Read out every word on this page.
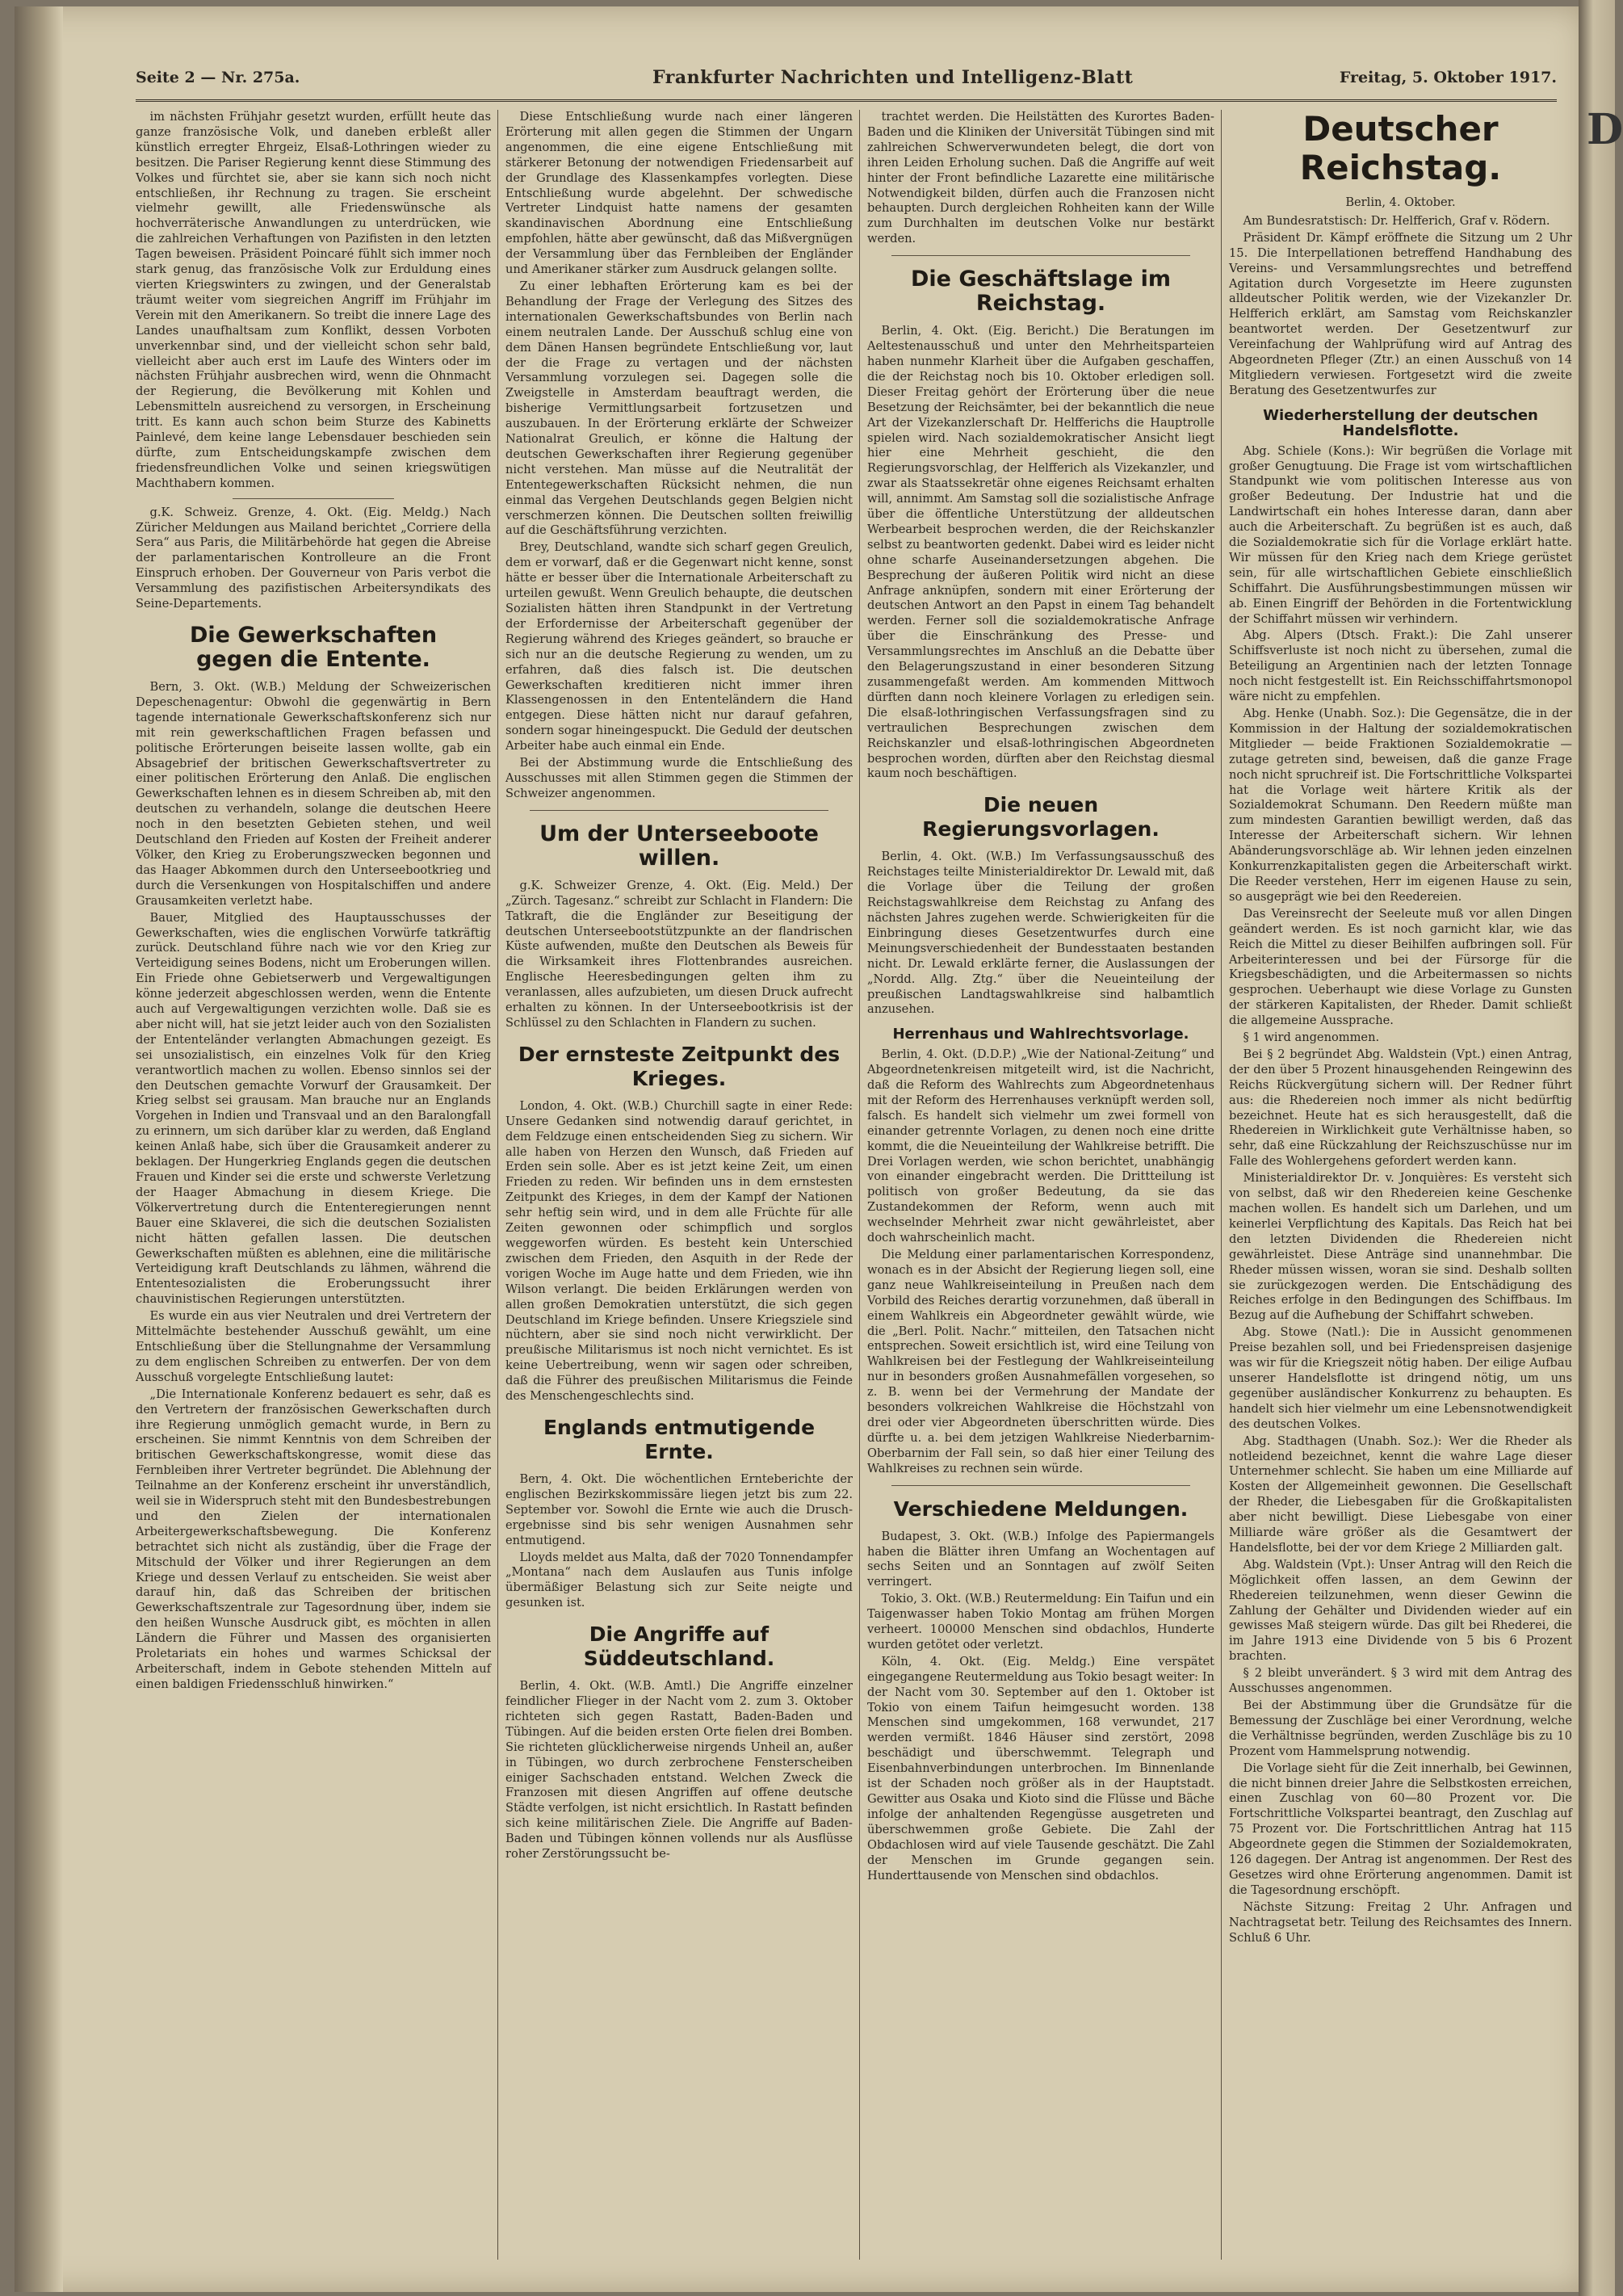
Seite 2 — Nr. 275a.	Frankfurter Nachrichten und Intelligenz-Blatt	Freitag, 5. Oktober 1917.

im nächsten Frühjahr gesetzt wurden, erfüllt heute das ganze französische Volk, und daneben erbleßt aller künstlich erregter Ehrgeiz, Elsaß-Lothringen wieder zu besitzen. Die Pariser Regierung kennt diese Stimmung des Volkes und fürchtet sie, aber sie kann sich noch nicht entschließen, ihr Rechnung zu tragen. Sie erscheint vielmehr gewillt, alle Friedenswünsche als hochverräterische Anwandlungen zu unterdrücken, wie die zahlreichen Verhaftungen von Pazifisten in den letzten Tagen beweisen. Präsident Poincaré fühlt sich immer noch stark genug, das französische Volk zur Erduldung eines vierten Kriegswinters zu zwingen, und der Generalstab träumt weiter vom siegreichen Angriff im Frühjahr im Verein mit den Amerikanern. So treibt die innere Lage des Landes unaufhaltsam zum Konflikt, dessen Vorboten unverkennbar sind, und der vielleicht schon sehr bald, vielleicht aber auch erst im Laufe des Winters oder im nächsten Frühjahr ausbrechen wird, wenn die Ohnmacht der Regierung, die Bevölkerung mit Kohlen und Lebensmitteln ausreichend zu versorgen, in Erscheinung tritt. Es kann auch schon beim Sturze des Kabinetts Painlevé, dem keine lange Lebensdauer beschieden sein dürfte, zum Entscheidungskampfe zwischen dem friedensfreundlichen Volke und seinen kriegswütigen Machthabern kommen.

g.K. Schweiz. Grenze, 4. Okt. (Eig. Meldg.) Nach Züricher Meldungen aus Mailand berichtet „Corriere della Sera“ aus Paris, die Militärbehörde hat gegen die Abreise der parlamentarischen Kontrolleure an die Front Einspruch erhoben. Der Gouverneur von Paris verbot die Versammlung des pazifistischen Arbeitersyndikats des Seine-Departements.

Die Gewerkschaften
gegen die Entente.

Bern, 3. Okt. (W.B.) Meldung der Schweizerischen Depeschenagentur: Obwohl die gegenwärtig in Bern tagende internationale Gewerkschaftskonferenz sich nur mit rein gewerkschaftlichen Fragen befassen und politische Erörterungen beiseite lassen wollte, gab ein Absagebrief der britischen Gewerkschaftsvertreter zu einer politischen Erörterung den Anlaß. Die englischen Gewerkschaften lehnen es in diesem Schreiben ab, mit den deutschen zu verhandeln, solange die deutschen Heere noch in den besetzten Gebieten stehen, und weil Deutschland den Frieden auf Kosten der Freiheit anderer Völker, den Krieg zu Eroberungszwecken begonnen und das Haager Abkommen durch den Unterseebootkrieg und durch die Versenkungen von Hospitalschiffen und andere Grausamkeiten verletzt habe.

Bauer, Mitglied des Hauptausschusses der Gewerkschaften, wies die englischen Vorwürfe tatkräftig zurück. Deutschland führe nach wie vor den Krieg zur Verteidigung seines Bodens, nicht um Eroberungen willen. Ein Friede ohne Gebietserwerb und Vergewaltigungen könne jederzeit abgeschlossen werden, wenn die Entente auch auf Vergewaltigungen verzichten wolle. Daß sie es aber nicht will, hat sie jetzt leider auch von den Sozialisten der Ententeländer verlangten Abmachungen gezeigt. Es sei unsozialistisch, ein einzelnes Volk für den Krieg verantwortlich machen zu wollen. Ebenso sinnlos sei der den Deutschen gemachte Vorwurf der Grausamkeit. Der Krieg selbst sei grausam. Man brauche nur an Englands Vorgehen in Indien und Transvaal und an den Baralongfall zu erinnern, um sich darüber klar zu werden, daß England keinen Anlaß habe, sich über die Grausamkeit anderer zu beklagen. Der Hungerkrieg Englands gegen die deutschen Frauen und Kinder sei die erste und schwerste Verletzung der Haager Abmachung in diesem Kriege. Die Völkervertretung durch die Ententeregierungen nennt Bauer eine Sklaverei, die sich die deutschen Sozialisten nicht hätten gefallen lassen. Die deutschen Gewerkschaften müßten es ablehnen, eine die militärische Verteidigung kraft Deutschlands zu lähmen, während die Ententesozialisten die Eroberungssucht ihrer chauvinistischen Regierungen unterstützten.

Es wurde ein aus vier Neutralen und drei Vertretern der Mittelmächte bestehender Ausschuß gewählt, um eine Entschließung über die Stellungnahme der Versammlung zu dem englischen Schreiben zu entwerfen. Der von dem Ausschuß vorgelegte Entschließung lautet:

„Die Internationale Konferenz bedauert es sehr, daß es den Vertretern der französischen Gewerkschaften durch ihre Regierung unmöglich gemacht wurde, in Bern zu erscheinen. Sie nimmt Kenntnis von dem Schreiben der britischen Gewerkschaftskongresse, womit diese das Fernbleiben ihrer Vertreter begründet. Die Ablehnung der Teilnahme an der Konferenz erscheint ihr unverständlich, weil sie in Widerspruch steht mit den Bundesbestrebungen und den Zielen der internationalen Arbeitergewerkschaftsbewegung. Die Konferenz betrachtet sich nicht als zuständig, über die Frage der Mitschuld der Völker und ihrer Regierungen an dem Kriege und dessen Verlauf zu entscheiden. Sie weist aber darauf hin, daß das Schreiben der britischen Gewerkschaftszentrale zur Tagesordnung über, indem sie den heißen Wunsche Ausdruck gibt, es möchten in allen Ländern die Führer und Massen des organisierten Proletariats ein hohes und warmes Schicksal der Arbeiterschaft, indem in Gebote stehenden Mitteln auf einen baldigen Friedensschluß hinwirken.“

Diese Entschließung wurde nach einer längeren Erörterung mit allen gegen die Stimmen der Ungarn angenommen, die eine eigene Entschließung mit stärkerer Betonung der notwendigen Friedensarbeit auf der Grundlage des Klassenkampfes vorlegten. Diese Entschließung wurde abgelehnt. Der schwedische Vertreter Lindquist hatte namens der gesamten skandinavischen Abordnung eine Entschließung empfohlen, hätte aber gewünscht, daß das Mißvergnügen der Versammlung über das Fernbleiben der Engländer und Amerikaner stärker zum Ausdruck gelangen sollte.

Zu einer lebhaften Erörterung kam es bei der Behandlung der Frage der Verlegung des Sitzes des internationalen Gewerkschaftsbundes von Berlin nach einem neutralen Lande. Der Ausschuß schlug eine von dem Dänen Hansen begründete Entschließung vor, laut der die Frage zu vertagen und der nächsten Versammlung vorzulegen sei. Dagegen solle die Zweigstelle in Amsterdam beauftragt werden, die bisherige Vermittlungsarbeit fortzusetzen und auszubauen. In der Erörterung erklärte der Schweizer Nationalrat Greulich, er könne die Haltung der deutschen Gewerkschaften ihrer Regierung gegenüber nicht verstehen. Man müsse auf die Neutralität der Ententegewerkschaften Rücksicht nehmen, die nun einmal das Vergehen Deutschlands gegen Belgien nicht verschmerzen können. Die Deutschen sollten freiwillig auf die Geschäftsführung verzichten.

Brey, Deutschland, wandte sich scharf gegen Greulich, dem er vorwarf, daß er die Gegenwart nicht kenne, sonst hätte er besser über die Internationale Arbeiterschaft zu urteilen gewußt. Wenn Greulich behaupte, die deutschen Sozialisten hätten ihren Standpunkt in der Vertretung der Erfordernisse der Arbeiterschaft gegenüber der Regierung während des Krieges geändert, so brauche er sich nur an die deutsche Regierung zu wenden, um zu erfahren, daß dies falsch ist. Die deutschen Gewerkschaften kreditieren nicht immer ihren Klassengenossen in den Ententeländern die Hand entgegen. Diese hätten nicht nur darauf gefahren, sondern sogar hineingespuckt. Die Geduld der deutschen Arbeiter habe auch einmal ein Ende.

Bei der Abstimmung wurde die Entschließung des Ausschusses mit allen Stimmen gegen die Stimmen der Schweizer angenommen.

Um der Unterseeboote willen.

g.K. Schweizer Grenze, 4. Okt. (Eig. Meld.) Der „Zürch. Tagesanz.“ schreibt zur Schlacht in Flandern: Die Tatkraft, die die Engländer zur Beseitigung der deutschen Unterseebootstützpunkte an der flandrischen Küste aufwenden, mußte den Deutschen als Beweis für die Wirksamkeit ihres Flottenbrandes ausreichen. Englische Heeresbedingungen gelten ihm zu veranlassen, alles aufzubieten, um diesen Druck aufrecht erhalten zu können. In der Unterseebootkrisis ist der Schlüssel zu den Schlachten in Flandern zu suchen.

Der ernsteste Zeitpunkt des Krieges.

London, 4. Okt. (W.B.) Churchill sagte in einer Rede: Unsere Gedanken sind notwendig darauf gerichtet, in dem Feldzuge einen entscheidenden Sieg zu sichern. Wir alle haben von Herzen den Wunsch, daß Frieden auf Erden sein solle. Aber es ist jetzt keine Zeit, um einen Frieden zu reden. Wir befinden uns in dem ernstesten Zeitpunkt des Krieges, in dem der Kampf der Nationen sehr heftig sein wird, und in dem alle Früchte für alle Zeiten gewonnen oder schimpflich und sorglos weggeworfen würden. Es besteht kein Unterschied zwischen dem Frieden, den Asquith in der Rede der vorigen Woche im Auge hatte und dem Frieden, wie ihn Wilson verlangt. Die beiden Erklärungen werden von allen großen Demokratien unterstützt, die sich gegen Deutschland im Kriege befinden. Unsere Kriegsziele sind nüchtern, aber sie sind noch nicht verwirklicht. Der preußische Militarismus ist noch nicht vernichtet. Es ist keine Uebertreibung, wenn wir sagen oder schreiben, daß die Führer des preußischen Militarismus die Feinde des Menschengeschlechts sind.

Englands entmutigende Ernte.

Bern, 4. Okt. Die wöchentlichen Ernteberichte der englischen Bezirkskommissäre liegen jetzt bis zum 22. September vor. Sowohl die Ernte wie auch die Druschergebnisse sind bis sehr wenigen Ausnahmen sehr entmutigend.

Lloyds meldet aus Malta, daß der 7020 Tonnendampfer „Montana“ nach dem Auslaufen aus Tunis infolge übermäßiger Belastung sich zur Seite neigte und gesunken ist.

Die Angriffe auf Süddeutschland.

Berlin, 4. Okt. (W.B. Amtl.) Die Angriffe einzelner feindlicher Flieger in der Nacht vom 2. zum 3. Oktober richteten sich gegen Rastatt, Baden-Baden und Tübingen. Auf die beiden ersten Orte fielen drei Bomben. Sie richteten glücklicherweise nirgends Unheil an, außer in Tübingen, wo durch zerbrochene Fensterscheiben einiger Sachschaden entstand. Welchen Zweck die Franzosen mit diesen Angriffen auf offene deutsche Städte verfolgen, ist nicht ersichtlich. In Rastatt befinden sich keine militärischen Ziele. Die Angriffe auf Baden-Baden und Tübingen können vollends nur als Ausflüsse roher Zerstörungssucht be-

trachtet werden. Die Heilstätten des Kurortes Baden-Baden und die Kliniken der Universität Tübingen sind mit zahlreichen Schwerverwundeten belegt, die dort von ihren Leiden Erholung suchen. Daß die Angriffe auf weit hinter der Front befindliche Lazarette eine militärische Notwendigkeit bilden, dürfen auch die Franzosen nicht behaupten. Durch dergleichen Rohheiten kann der Wille zum Durchhalten im deutschen Volke nur bestärkt werden.

Die Geschäftslage im Reichstag.

Berlin, 4. Okt. (Eig. Bericht.) Die Beratungen im Aeltestenausschuß und unter den Mehrheitsparteien haben nunmehr Klarheit über die Aufgaben geschaffen, die der Reichstag noch bis 10. Oktober erledigen soll. Dieser Freitag gehört der Erörterung über die neue Besetzung der Reichsämter, bei der bekanntlich die neue Art der Vizekanzlerschaft Dr. Helfferichs die Hauptrolle spielen wird. Nach sozialdemokratischer Ansicht liegt hier eine Mehrheit geschieht, die den Regierungsvorschlag, der Helfferich als Vizekanzler, und zwar als Staatssekretär ohne eigenes Reichsamt erhalten will, annimmt. Am Samstag soll die sozialistische Anfrage über die öffentliche Unterstützung der alldeutschen Werbearbeit besprochen werden, die der Reichskanzler selbst zu beantworten gedenkt. Dabei wird es leider nicht ohne scharfe Auseinandersetzungen abgehen. Die Besprechung der äußeren Politik wird nicht an diese Anfrage anknüpfen, sondern mit einer Erörterung der deutschen Antwort an den Papst in einem Tag behandelt werden. Ferner soll die sozialdemokratische Anfrage über die Einschränkung des Presse- und Versammlungsrechtes im Anschluß an die Debatte über den Belagerungszustand in einer besonderen Sitzung zusammengefaßt werden. Am kommenden Mittwoch dürften dann noch kleinere Vorlagen zu erledigen sein. Die elsaß-lothringischen Verfassungsfragen sind zu vertraulichen Besprechungen zwischen dem Reichskanzler und elsaß-lothringischen Abgeordneten besprochen worden, dürften aber den Reichstag diesmal kaum noch beschäftigen.

Die neuen Regierungsvorlagen.

Berlin, 4. Okt. (W.B.) Im Verfassungsausschuß des Reichstages teilte Ministerialdirektor Dr. Lewald mit, daß die Vorlage über die Teilung der großen Reichstagswahlkreise dem Reichstag zu Anfang des nächsten Jahres zugehen werde. Schwierigkeiten für die Einbringung dieses Gesetzentwurfes durch eine Meinungsverschiedenheit der Bundesstaaten bestanden nicht. Dr. Lewald erklärte ferner, die Auslassungen der „Nordd. Allg. Ztg.“ über die Neueinteilung der preußischen Landtagswahlkreise sind halbamtlich anzusehen.

Herrenhaus und Wahlrechtsvorlage.

Berlin, 4. Okt. (D.D.P.) „Wie der National-Zeitung“ und Abgeordnetenkreisen mitgeteilt wird, ist die Nachricht, daß die Reform des Wahlrechts zum Abgeordnetenhaus mit der Reform des Herrenhauses verknüpft werden soll, falsch. Es handelt sich vielmehr um zwei formell von einander getrennte Vorlagen, zu denen noch eine dritte kommt, die die Neueinteilung der Wahlkreise betrifft. Die Drei Vorlagen werden, wie schon berichtet, unabhängig von einander eingebracht werden. Die Drittteilung ist politisch von großer Bedeutung, da sie das Zustandekommen der Reform, wenn auch mit wechselnder Mehrheit zwar nicht gewährleistet, aber doch wahrscheinlich macht.

Die Meldung einer parlamentarischen Korrespondenz, wonach es in der Absicht der Regierung liegen soll, eine ganz neue Wahlkreiseinteilung in Preußen nach dem Vorbild des Reiches derartig vorzunehmen, daß überall in einem Wahlkreis ein Abgeordneter gewählt würde, wie die „Berl. Polit. Nachr.“ mitteilen, den Tatsachen nicht entsprechen. Soweit ersichtlich ist, wird eine Teilung von Wahlkreisen bei der Festlegung der Wahlkreiseinteilung nur in besonders großen Ausnahmefällen vorgesehen, so z. B. wenn bei der Vermehrung der Mandate der besonders volkreichen Wahlkreise die Höchstzahl von drei oder vier Abgeordneten überschritten würde. Dies dürfte u. a. bei dem jetzigen Wahlkreise Niederbarnim-Oberbarnim der Fall sein, so daß hier einer Teilung des Wahlkreises zu rechnen sein würde.

Verschiedene Meldungen.

Budapest, 3. Okt. (W.B.) Infolge des Papiermangels haben die Blätter ihren Umfang an Wochentagen auf sechs Seiten und an Sonntagen auf zwölf Seiten verringert.

Tokio, 3. Okt. (W.B.) Reutermeldung: Ein Taifun und ein Taigenwasser haben Tokio Montag am frühen Morgen verheert. 100000 Menschen sind obdachlos, Hunderte wurden getötet oder verletzt.

Köln, 4. Okt. (Eig. Meldg.) Eine verspätet eingegangene Reutermeldung aus Tokio besagt weiter: In der Nacht vom 30. September auf den 1. Oktober ist Tokio von einem Taifun heimgesucht worden. 138 Menschen sind umgekommen, 168 verwundet, 217 werden vermißt. 1846 Häuser sind zerstört, 2098 beschädigt und überschwemmt. Telegraph und Eisenbahnverbindungen unterbrochen. Im Binnenlande ist der Schaden noch größer als in der Hauptstadt. Gewitter aus Osaka und Kioto sind die Flüsse und Bäche infolge der anhaltenden Regengüsse ausgetreten und überschwemmen große Gebiete. Die Zahl der Obdachlosen wird auf viele Tausende geschätzt. Die Zahl der Menschen im Grunde gegangen sein. Hunderttausende von Menschen sind obdachlos.

Deutscher Reichstag.
Berlin, 4. Oktober.

Am Bundesratstisch: Dr. Helfferich, Graf v. Rödern.

Präsident Dr. Kämpf eröffnete die Sitzung um 2 Uhr 15. Die Interpellationen betreffend Handhabung des Vereins- und Versammlungsrechtes und betreffend Agitation durch Vorgesetzte im Heere zugunsten alldeutscher Politik werden, wie der Vizekanzler Dr. Helfferich erklärt, am Samstag vom Reichskanzler beantwortet werden. Der Gesetzentwurf zur Vereinfachung der Wahlprüfung wird auf Antrag des Abgeordneten Pfleger (Ztr.) an einen Ausschuß von 14 Mitgliedern verwiesen. Fortgesetzt wird die zweite Beratung des Gesetzentwurfes zur

Wiederherstellung der deutschen Handelsflotte.

Abg. Schiele (Kons.): Wir begrüßen die Vorlage mit großer Genugtuung. Die Frage ist vom wirtschaftlichen Standpunkt wie vom politischen Interesse aus von großer Bedeutung. Der Industrie hat und die Landwirtschaft ein hohes Interesse daran, dann aber auch die Arbeiterschaft. Zu begrüßen ist es auch, daß die Sozialdemokratie sich für die Vorlage erklärt hatte. Wir müssen für den Krieg nach dem Kriege gerüstet sein, für alle wirtschaftlichen Gebiete einschließlich Schiffahrt. Die Ausführungsbestimmungen müssen wir ab. Einen Eingriff der Behörden in die Fortentwicklung der Schiffahrt müssen wir verhindern.

Abg. Alpers (Dtsch. Frakt.): Die Zahl unserer Schiffsverluste ist noch nicht zu übersehen, zumal die Beteiligung an Argentinien nach der letzten Tonnage noch nicht festgestellt ist. Ein Reichsschiffahrtsmonopol wäre nicht zu empfehlen.

Abg. Henke (Unabh. Soz.): Die Gegensätze, die in der Kommission in der Haltung der sozialdemokratischen Mitglieder — beide Fraktionen Sozialdemokratie — zutage getreten sind, beweisen, daß die ganze Frage noch nicht spruchreif ist. Die Fortschrittliche Volkspartei hat die Vorlage weit härtere Kritik als der Sozialdemokrat Schumann. Den Reedern müßte man zum mindesten Garantien bewilligt werden, daß das Interesse der Arbeiterschaft sichern. Wir lehnen Abänderungsvorschläge ab. Wir lehnen jeden einzelnen Konkurrenzkapitalisten gegen die Arbeiterschaft wirkt. Die Reeder verstehen, Herr im eigenen Hause zu sein, so ausgeprägt wie bei den Reedereien.

Das Vereinsrecht der Seeleute muß vor allen Dingen geändert werden. Es ist noch garnicht klar, wie das Reich die Mittel zu dieser Beihilfen aufbringen soll. Für Arbeiterinteressen und bei der Fürsorge für die Kriegsbeschädigten, und die Arbeitermassen so nichts gesprochen. Ueberhaupt wie diese Vorlage zu Gunsten der stärkeren Kapitalisten, der Rheder. Damit schließt die allgemeine Aussprache.

§ 1 wird angenommen.

Bei § 2 begründet Abg. Waldstein (Vpt.) einen Antrag, der den über 5 Prozent hinausgehenden Reingewinn des Reichs Rückvergütung sichern will. Der Redner führt aus: die Rhedereien noch immer als nicht bedürftig bezeichnet. Heute hat es sich herausgestellt, daß die Rhedereien in Wirklichkeit gute Verhältnisse haben, so sehr, daß eine Rückzahlung der Reichszuschüsse nur im Falle des Wohlergehens gefordert werden kann.

Ministerialdirektor Dr. v. Jonquières: Es versteht sich von selbst, daß wir den Rhedereien keine Geschenke machen wollen. Es handelt sich um Darlehen, und um keinerlei Verpflichtung des Kapitals. Das Reich hat bei den letzten Dividenden die Rhedereien nicht gewährleistet. Diese Anträge sind unannehmbar. Die Rheder müssen wissen, woran sie sind. Deshalb sollten sie zurückgezogen werden. Die Entschädigung des Reiches erfolge in den Bedingungen des Schiffbaus. Im Bezug auf die Aufhebung der Schiffahrt schweben.

Abg. Stowe (Natl.): Die in Aussicht genommenen Preise bezahlen soll, und bei Friedenspreisen dasjenige was wir für die Kriegszeit nötig haben. Der eilige Aufbau unserer Handelsflotte ist dringend nötig, um uns gegenüber ausländischer Konkurrenz zu behaupten. Es handelt sich hier vielmehr um eine Lebensnotwendigkeit des deutschen Volkes.

Abg. Stadthagen (Unabh. Soz.): Wer die Rheder als notleidend bezeichnet, kennt die wahre Lage dieser Unternehmer schlecht. Sie haben um eine Milliarde auf Kosten der Allgemeinheit gewonnen. Die Gesellschaft der Rheder, die Liebesgaben für die Großkapitalisten aber nicht bewilligt. Diese Liebesgabe von einer Milliarde wäre größer als die Gesamtwert der Handelsflotte, bei der vor dem Kriege 2 Milliarden galt.

Abg. Waldstein (Vpt.): Unser Antrag will den Reich die Möglichkeit offen lassen, an dem Gewinn der Rhedereien teilzunehmen, wenn dieser Gewinn die Zahlung der Gehälter und Dividenden wieder auf ein gewisses Maß steigern würde. Das gilt bei Rhederei, die im Jahre 1913 eine Dividende von 5 bis 6 Prozent brachten.

§ 2 bleibt unverändert. § 3 wird mit dem Antrag des Ausschusses angenommen.

Bei der Abstimmung über die Grundsätze für die Bemessung der Zuschläge bei einer Verordnung, welche die Verhältnisse begründen, werden Zuschläge bis zu 10 Prozent vom Hammelsprung notwendig.

Die Vorlage sieht für die Zeit innerhalb, bei Gewinnen, die nicht binnen dreier Jahre die Selbstkosten erreichen, einen Zuschlag von 60—80 Prozent vor. Die Fortschrittliche Volkspartei beantragt, den Zuschlag auf 75 Prozent vor. Die Fortschrittlichen Antrag hat 115 Abgeordnete gegen die Stimmen der Sozialdemokraten, 126 dagegen. Der Antrag ist angenommen. Der Rest des Gesetzes wird ohne Erörterung angenommen. Damit ist die Tagesordnung erschöpft.

Nächste Sitzung: Freitag 2 Uhr. Anfragen und Nachtragsetat betr. Teilung des Reichsamtes des Innern. Schluß 6 Uhr.

D
